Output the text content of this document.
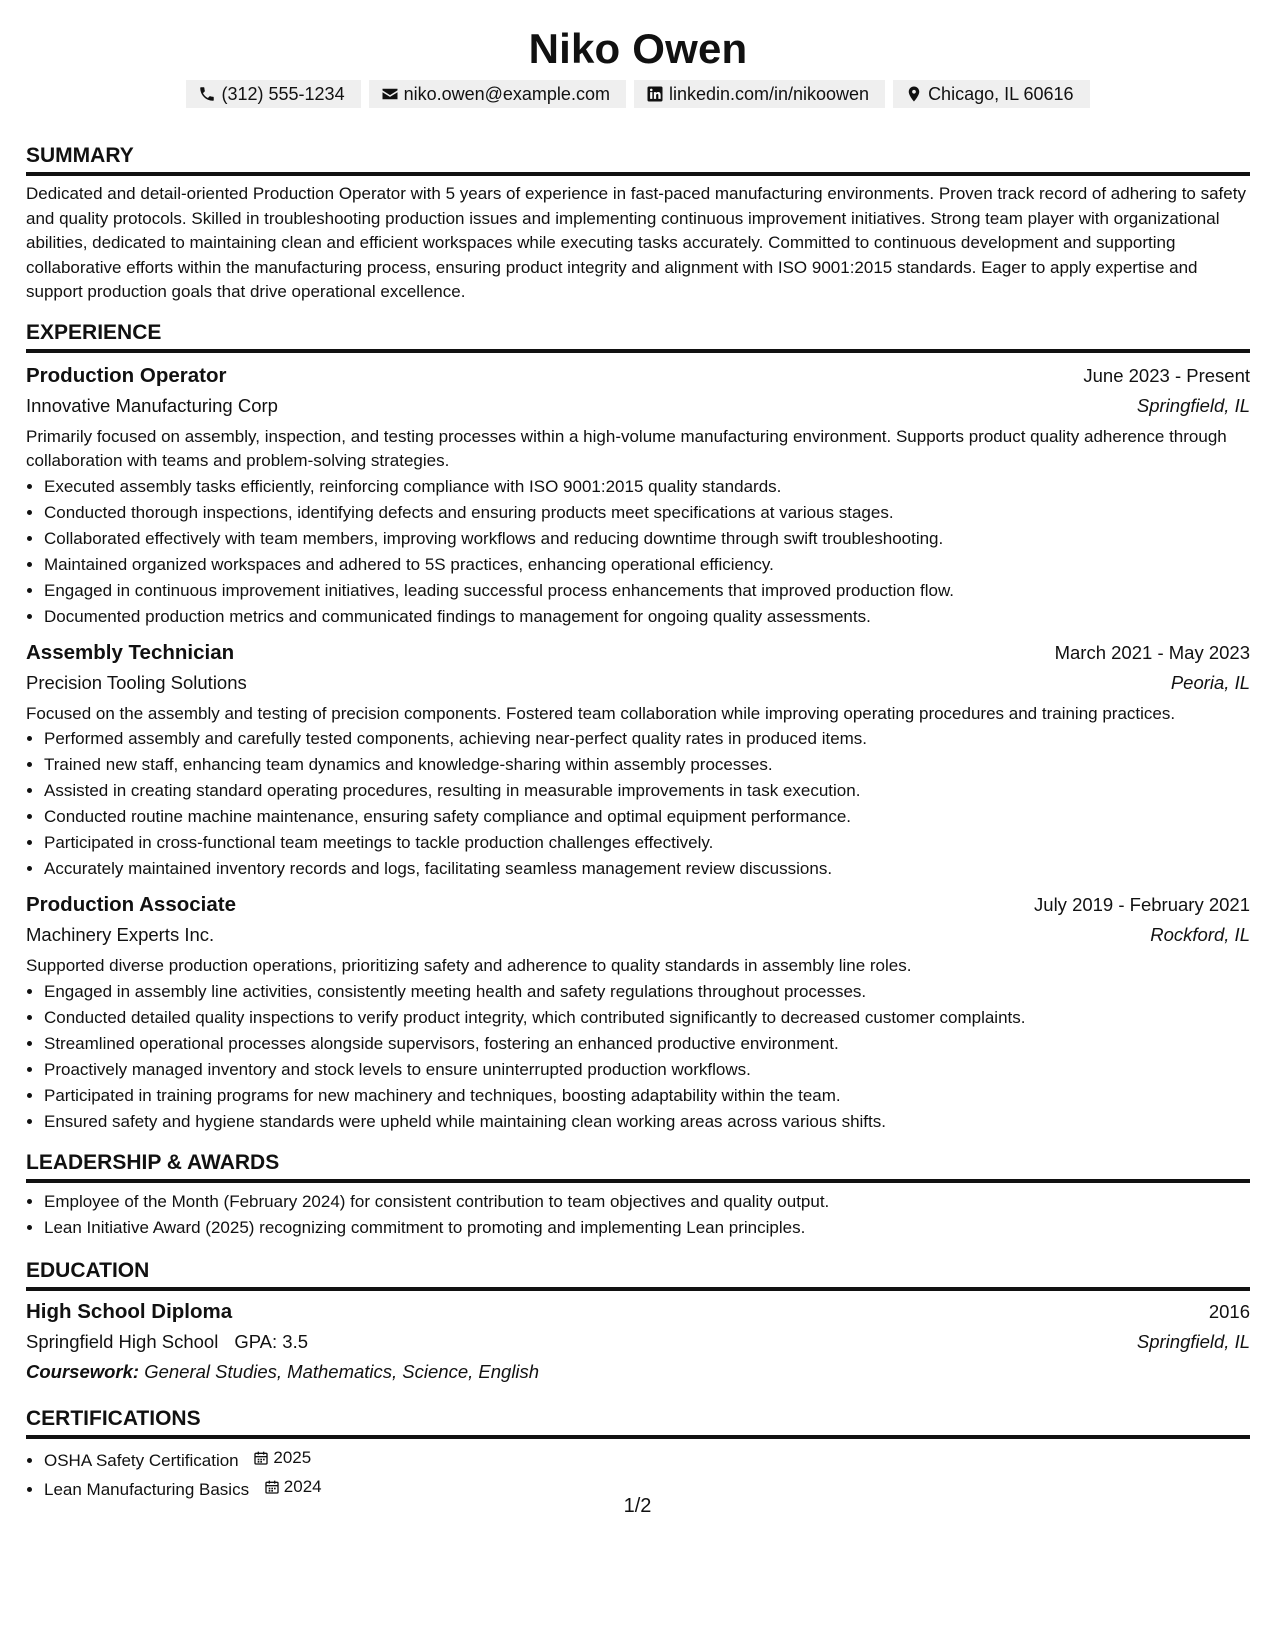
Niko Owen
(312) 555-1234	niko.owen@example.com	linkedin.com/in/nikoowen	Chicago, IL 60616
SUMMARY
Dedicated and detail-oriented Production Operator with 5 years of experience in fast-paced manufacturing environments. Proven track record of adhering to safety and quality protocols. Skilled in troubleshooting production issues and implementing continuous improvement initiatives. Strong team player with organizational abilities, dedicated to maintaining clean and efficient workspaces while executing tasks accurately. Committed to continuous development and supporting collaborative efforts within the manufacturing process, ensuring product integrity and alignment with ISO 9001:2015 standards. Eager to apply expertise and support production goals that drive operational excellence.
EXPERIENCE
Production Operator	June 2023 - Present
Innovative Manufacturing Corp	Springfield, IL
Primarily focused on assembly, inspection, and testing processes within a high-volume manufacturing environment. Supports product quality adherence through collaboration with teams and problem-solving strategies.
• Executed assembly tasks efficiently, reinforcing compliance with ISO 9001:2015 quality standards.
• Conducted thorough inspections, identifying defects and ensuring products meet specifications at various stages.
• Collaborated effectively with team members, improving workflows and reducing downtime through swift troubleshooting.
• Maintained organized workspaces and adhered to 5S practices, enhancing operational efficiency.
• Engaged in continuous improvement initiatives, leading successful process enhancements that improved production flow.
• Documented production metrics and communicated findings to management for ongoing quality assessments.
Assembly Technician	March 2021 - May 2023
Precision Tooling Solutions	Peoria, IL
Focused on the assembly and testing of precision components. Fostered team collaboration while improving operating procedures and training practices.
• Performed assembly and carefully tested components, achieving near-perfect quality rates in produced items.
• Trained new staff, enhancing team dynamics and knowledge-sharing within assembly processes.
• Assisted in creating standard operating procedures, resulting in measurable improvements in task execution.
• Conducted routine machine maintenance, ensuring safety compliance and optimal equipment performance.
• Participated in cross-functional team meetings to tackle production challenges effectively.
• Accurately maintained inventory records and logs, facilitating seamless management review discussions.
Production Associate	July 2019 - February 2021
Machinery Experts Inc.	Rockford, IL
Supported diverse production operations, prioritizing safety and adherence to quality standards in assembly line roles.
• Engaged in assembly line activities, consistently meeting health and safety regulations throughout processes.
• Conducted detailed quality inspections to verify product integrity, which contributed significantly to decreased customer complaints.
• Streamlined operational processes alongside supervisors, fostering an enhanced productive environment.
• Proactively managed inventory and stock levels to ensure uninterrupted production workflows.
• Participated in training programs for new machinery and techniques, boosting adaptability within the team.
• Ensured safety and hygiene standards were upheld while maintaining clean working areas across various shifts.
LEADERSHIP & AWARDS
• Employee of the Month (February 2024) for consistent contribution to team objectives and quality output.
• Lean Initiative Award (2025) recognizing commitment to promoting and implementing Lean principles.
EDUCATION
High School Diploma	2016
Springfield High School GPA: 3.5	Springfield, IL
Coursework: General Studies, Mathematics, Science, English
CERTIFICATIONS
• OSHA Safety Certification 2025
• Lean Manufacturing Basics 2024
1/2
